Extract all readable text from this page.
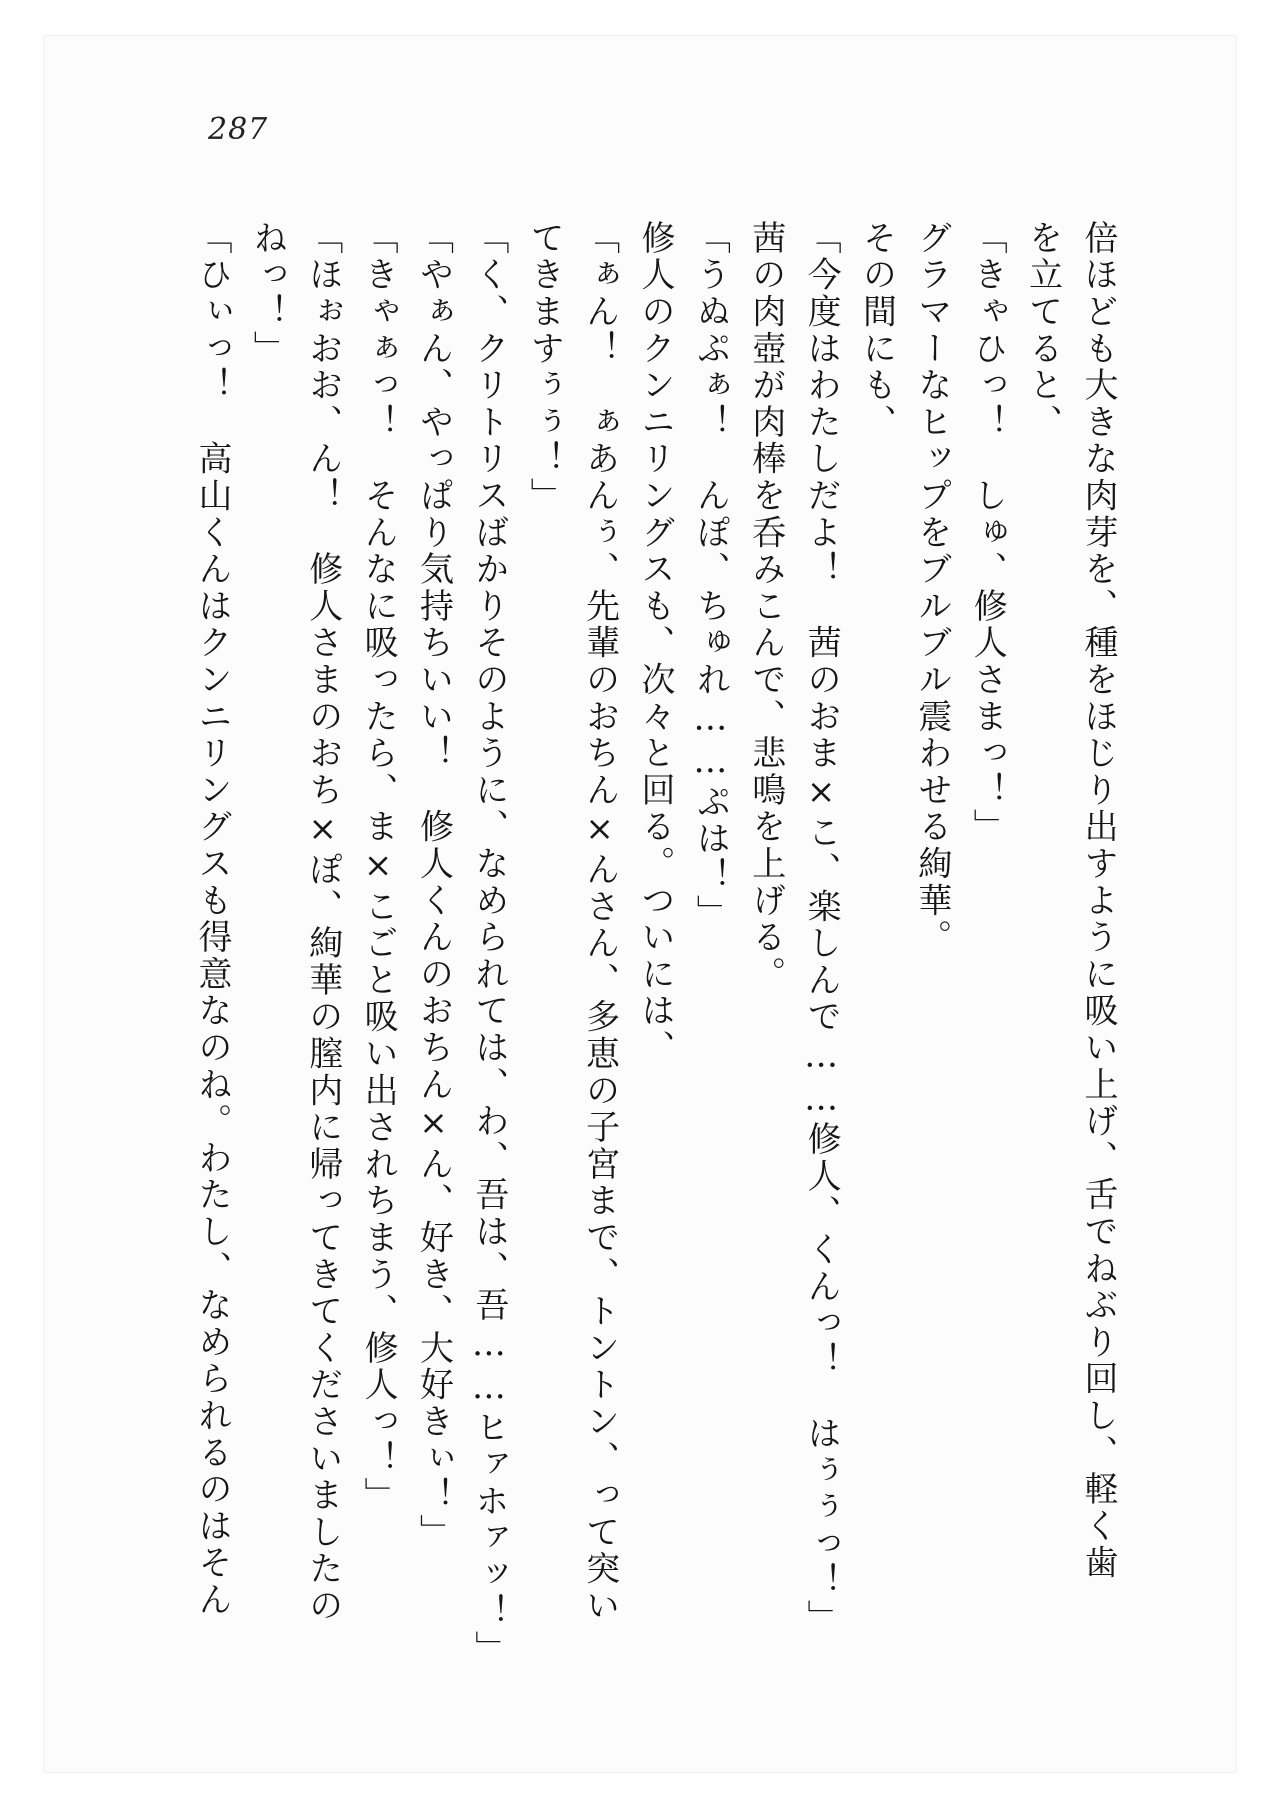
287
倍ほども大きな肉芽を、種をほじり出すように吸い上げ、舌でねぶり回し、軽く歯
を立てると、
「きゃひっ！　しゅ、修人さまっ！」
グラマーなヒップをブルブル震わせる絢華。
その間にも、
「今度はわたしだよ！　茜のおま×こ、楽しんで……修人、くんっ！　はぅぅっ！」
茜の肉壺が肉棒を呑みこんで、悲鳴を上げる。
「うぬぷぁ！　んぽ、ちゅれ……ぷは！」
修人のクンニリングスも、次々と回る。ついには、
「ぁん！　ぁあんぅ、先輩のおちん×んさん、多恵の子宮まで、トントン、って突い
てきますぅぅ！」
「く、クリトリスばかりそのように、なめられては、わ、吾は、吾……ヒァホァッ！」
「やぁん、やっぱり気持ちいい！　修人くんのおちん×ん、好き、大好きぃ！」
「きゃぁっ！　そんなに吸ったら、ま×こごと吸い出されちまう、修人っ！」
「ほぉおお、ん！　修人さまのおち×ぽ、絢華の膣内に帰ってきてくださいましたの
ねっ！」
「ひぃっ！　高山くんはクンニリングスも得意なのね。わたし、なめられるのはそん
